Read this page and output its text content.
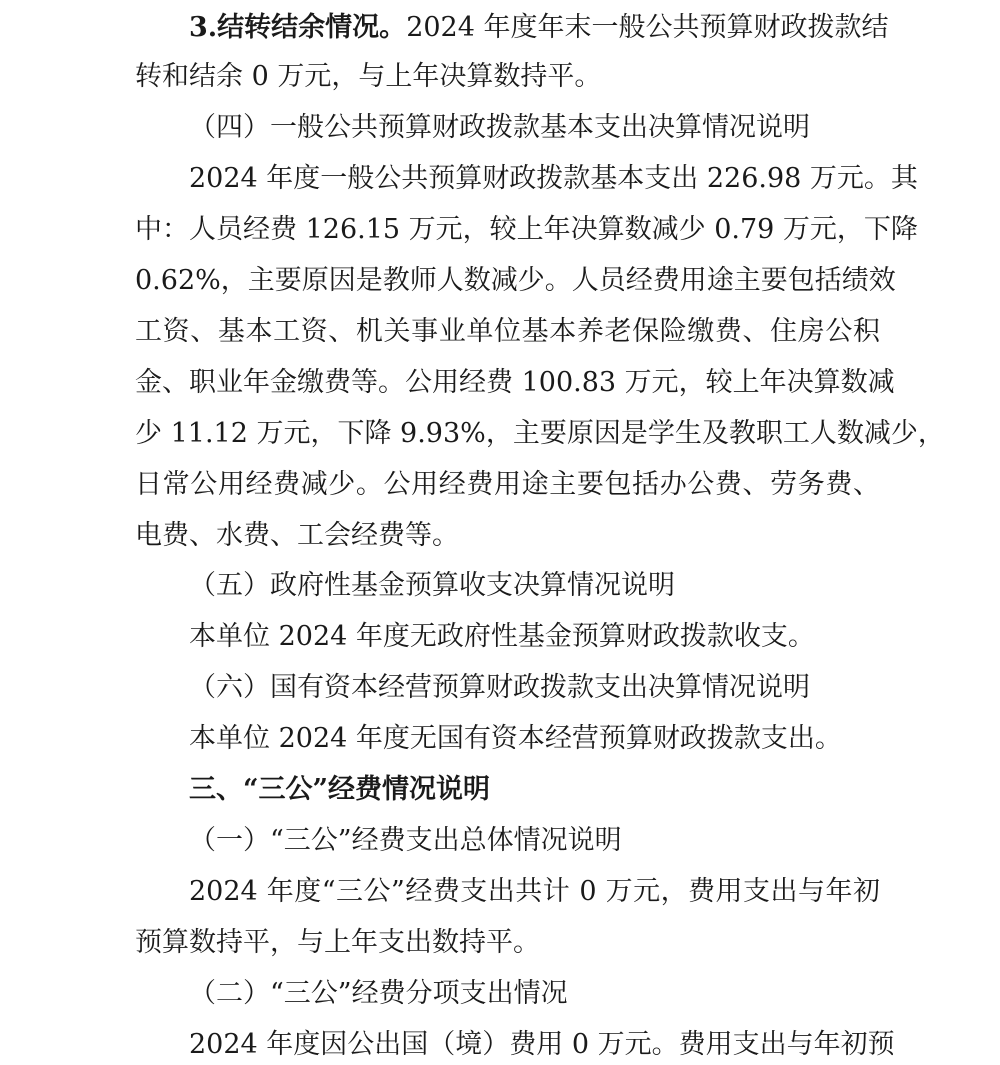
3.结转结余情况。2024 年度年末一般公共预算财政拨款结
转和结余 0 万元，与上年决算数持平。
（四）一般公共预算财政拨款基本支出决算情况说明
2024 年度一般公共预算财政拨款基本支出 226.98 万元。其
中：人员经费 126.15 万元，较上年决算数减少 0.79 万元，下降
0.62%，主要原因是教师人数减少。人员经费用途主要包括绩效
工资、基本工资、机关事业单位基本养老保险缴费、住房公积
金、职业年金缴费等。公用经费 100.83 万元，较上年决算数减
少 11.12 万元，下降 9.93%，主要原因是学生及教职工人数减少，
日常公用经费减少。公用经费用途主要包括办公费、劳务费、
电费、水费、工会经费等。
（五）政府性基金预算收支决算情况说明
本单位 2024 年度无政府性基金预算财政拨款收支。
（六）国有资本经营预算财政拨款支出决算情况说明
本单位 2024 年度无国有资本经营预算财政拨款支出。
三、“三公”经费情况说明
（一）“三公”经费支出总体情况说明
2024 年度“三公”经费支出共计 0 万元，费用支出与年初
预算数持平，与上年支出数持平。
（二）“三公”经费分项支出情况
2024 年度因公出国（境）费用 0 万元。费用支出与年初预
